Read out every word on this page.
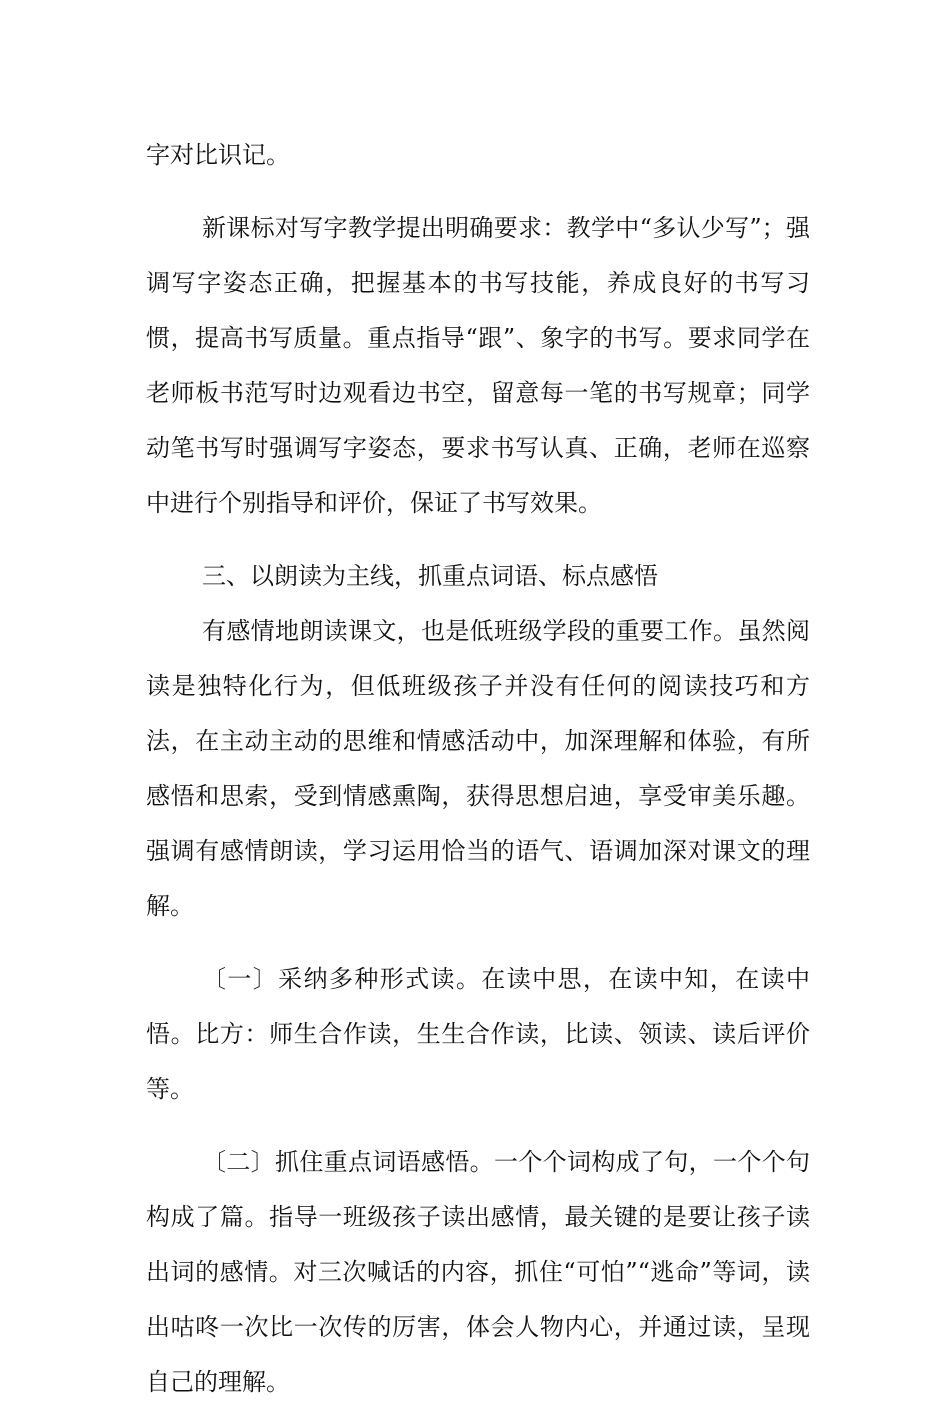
字对比识记。

新课标对写字教学提出明确要求：教学中“多认少写”；强调写字姿态正确，把握基本的书写技能，养成良好的书写习惯，提高书写质量。重点指导“跟”、象字的书写。要求同学在老师板书范写时边观看边书空，留意每一笔的书写规章；同学动笔书写时强调写字姿态，要求书写认真、正确，老师在巡察中进行个别指导和评价，保证了书写效果。

三、以朗读为主线，抓重点词语、标点感悟

有感情地朗读课文，也是低班级学段的重要工作。虽然阅读是独特化行为，但低班级孩子并没有任何的阅读技巧和方法，在主动主动的思维和情感活动中，加深理解和体验，有所感悟和思索，受到情感熏陶，获得思想启迪，享受审美乐趣。强调有感情朗读，学习运用恰当的语气、语调加深对课文的理解。

〔一〕采纳多种形式读。在读中思，在读中知，在读中悟。比方：师生合作读，生生合作读，比读、领读、读后评价等。

〔二〕抓住重点词语感悟。一个个词构成了句，一个个句构成了篇。指导一班级孩子读出感情，最关键的是要让孩子读出词的感情。对三次喊话的内容，抓住“可怕”“逃命”等词，读出咕咚一次比一次传的厉害，体会人物内心，并通过读，呈现自己的理解。
